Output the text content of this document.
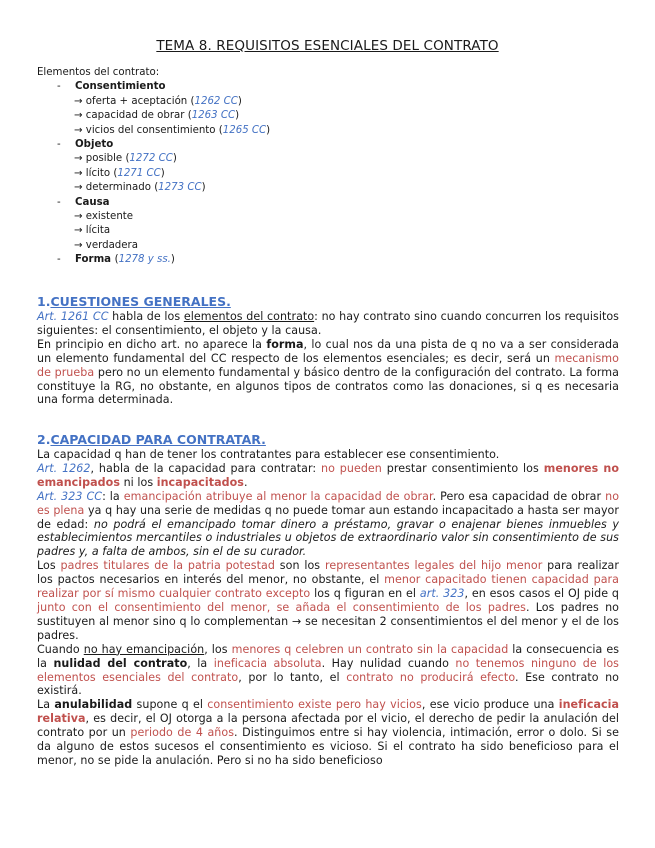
TEMA 8. REQUISITOS ESENCIALES DEL CONTRATO
Elementos del contrato:
-	Consentimiento
→ oferta + aceptación (1262 CC)
→ capacidad de obrar (1263 CC)
→ vicios del consentimiento (1265 CC)
-	Objeto
→ posible (1272 CC)
→ lícito (1271 CC)
→ determinado (1273 CC)
-	Causa
→ existente
→ lícita
→ verdadera
-	Forma (1278 y ss.)
1.CUESTIONES GENERALES.

Art. 1261 CC habla de los elementos del contrato: no hay contrato sino cuando concurren los requisitos siguientes: el consentimiento, el objeto y la causa.

En principio en dicho art. no aparece la forma, lo cual nos da una pista de q no va a ser considerada un elemento fundamental del CC respecto de los elementos esenciales; es decir, será un mecanismo de prueba pero no un elemento fundamental y básico dentro de la configuración del contrato. La forma constituye la RG, no obstante, en algunos tipos de contratos como las donaciones, si q es necesaria una forma determinada.

2.CAPACIDAD PARA CONTRATAR.

La capacidad q han de tener los contratantes para establecer ese consentimiento.

Art. 1262, habla de la capacidad para contratar: no pueden prestar consentimiento los menores no emancipados ni los incapacitados.

Art. 323 CC: la emancipación atribuye al menor la capacidad de obrar. Pero esa capacidad de obrar no es plena ya q hay una serie de medidas q no puede tomar aun estando incapacitado a hasta ser mayor de edad: no podrá el emancipado tomar dinero a préstamo, gravar o enajenar bienes inmuebles y establecimientos mercantiles o industriales u objetos de extraordinario valor sin consentimiento de sus padres y, a falta de ambos, sin el de su curador.

Los padres titulares de la patria potestad son los representantes legales del hijo menor para realizar los pactos necesarios en interés del menor, no obstante, el menor capacitado tienen capacidad para realizar por sí mismo cualquier contrato excepto los q figuran en el art. 323, en esos casos el OJ pide q junto con el consentimiento del menor, se añada el consentimiento de los padres. Los padres no sustituyen al menor sino q lo complementan → se necesitan 2 consentimientos el del menor y el de los padres.

Cuando no hay emancipación, los menores q celebren un contrato sin la capacidad la consecuencia es la nulidad del contrato, la ineficacia absoluta. Hay nulidad cuando no tenemos ninguno de los elementos esenciales del contrato, por lo tanto, el contrato no producirá efecto. Ese contrato no existirá.

La anulabilidad supone q el consentimiento existe pero hay vicios, ese vicio produce una ineficacia relativa, es decir, el OJ otorga a la persona afectada por el vicio, el derecho de pedir la anulación del contrato por un periodo de 4 años. Distinguimos entre si hay violencia, intimación, error o dolo. Si se da alguno de estos sucesos el consentimiento es vicioso. Si el contrato ha sido beneficioso para el menor, no se pide la anulación. Pero si no ha sido beneficioso
